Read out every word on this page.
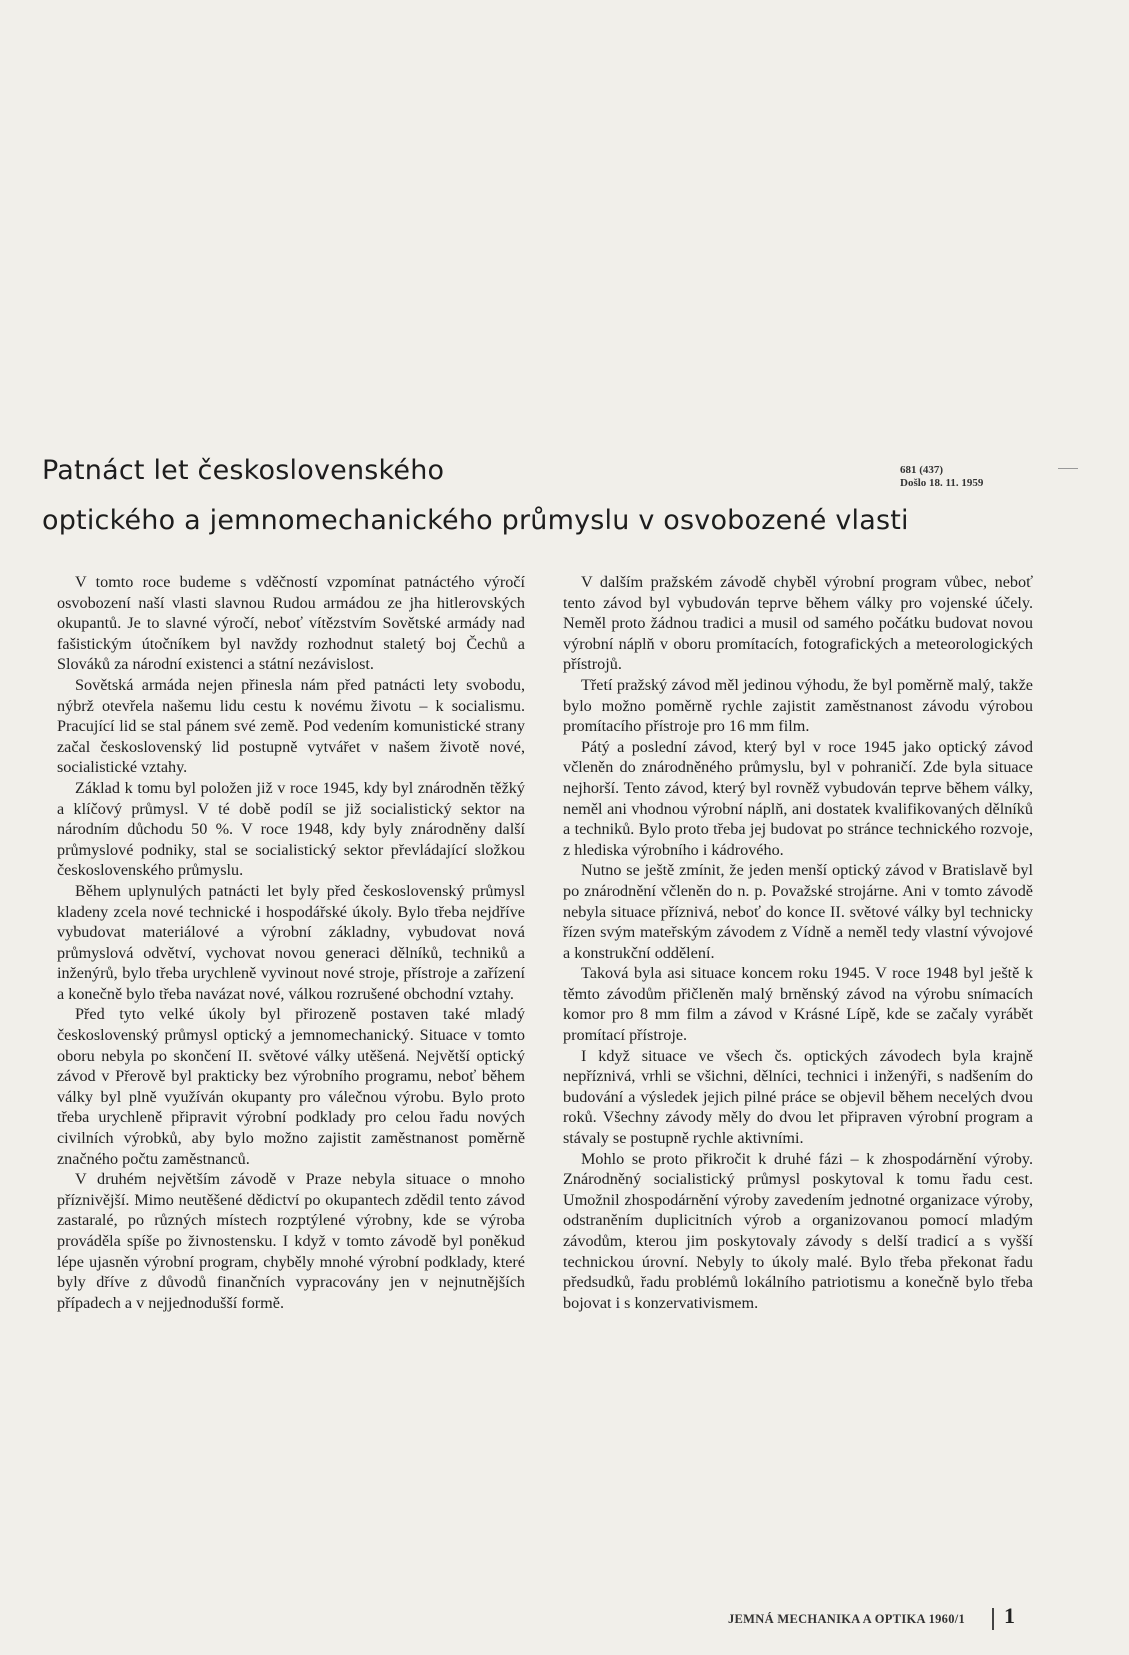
Patnáct let československého
optického a jemnomechanického průmyslu v osvobozené vlasti
681 (437)
Došlo 18. 11. 1959

V tomto roce budeme s vděčností vzpomínat patnáctého výročí osvobození naší vlasti slavnou Rudou armádou ze jha hitlerovských okupantů. Je to slavné výročí, neboť vítězstvím Sovětské armády nad fašistickým útočníkem byl navždy rozhodnut staletý boj Čechů a Slováků za národní existenci a státní nezávislost.

Sovětská armáda nejen přinesla nám před patnácti lety svobodu, nýbrž otevřela našemu lidu cestu k novému životu – k socialismu. Pracující lid se stal pánem své země. Pod vedením komunistické strany začal československý lid postupně vytvářet v našem životě nové, socialistické vztahy.

Základ k tomu byl položen již v roce 1945, kdy byl znárodněn těžký a klíčový průmysl. V té době podíl se již socialistický sektor na národním důchodu 50 %. V roce 1948, kdy byly znárodněny další průmyslové podniky, stal se socialistický sektor převládající složkou československého průmyslu.

Během uplynulých patnácti let byly před československý průmysl kladeny zcela nové technické i hospodářské úkoly. Bylo třeba nejdříve vybudovat materiálové a výrobní základny, vybudovat nová průmyslová odvětví, vychovat novou generaci dělníků, techniků a inženýrů, bylo třeba urychleně vyvinout nové stroje, přístroje a zařízení a konečně bylo třeba navázat nové, válkou rozrušené obchodní vztahy.

Před tyto velké úkoly byl přirozeně postaven také mladý československý průmysl optický a jemnomechanický. Situace v tomto oboru nebyla po skončení II. světové války utěšená. Největší optický závod v Přerově byl prakticky bez výrobního programu, neboť během války byl plně využíván okupanty pro válečnou výrobu. Bylo proto třeba urychleně připravit výrobní podklady pro celou řadu nových civilních výrobků, aby bylo možno zajistit zaměstnanost poměrně značného počtu zaměstnanců.

V druhém největším závodě v Praze nebyla situace o mnoho příznivější. Mimo neutěšené dědictví po okupantech zdědil tento závod zastaralé, po různých místech rozptýlené výrobny, kde se výroba prováděla spíše po živnostensku. I když v tomto závodě byl poněkud lépe ujasněn výrobní program, chyběly mnohé výrobní podklady, které byly dříve z důvodů finančních vypracovány jen v nejnutnějších případech a v nejjednodušší formě.

V dalším pražském závodě chyběl výrobní program vůbec, neboť tento závod byl vybudován teprve během války pro vojenské účely. Neměl proto žádnou tradici a musil od samého počátku budovat novou výrobní náplň v oboru promítacích, fotografických a meteorologických přístrojů.

Třetí pražský závod měl jedinou výhodu, že byl poměrně malý, takže bylo možno poměrně rychle zajistit zaměstnanost závodu výrobou promítacího přístroje pro 16 mm film.

Pátý a poslední závod, který byl v roce 1945 jako optický závod včleněn do znárodněného průmyslu, byl v pohraničí. Zde byla situace nejhorší. Tento závod, který byl rovněž vybudován teprve během války, neměl ani vhodnou výrobní náplň, ani dostatek kvalifikovaných dělníků a techniků. Bylo proto třeba jej budovat po stránce technického rozvoje, z hlediska výrobního i kádrového.

Nutno se ještě zmínit, že jeden menší optický závod v Bratislavě byl po znárodnění včleněn do n. p. Považské strojárne. Ani v tomto závodě nebyla situace příznivá, neboť do konce II. světové války byl technicky řízen svým mateřským závodem z Vídně a neměl tedy vlastní vývojové a konstrukční oddělení.

Taková byla asi situace koncem roku 1945. V roce 1948 byl ještě k těmto závodům přičleněn malý brněnský závod na výrobu snímacích komor pro 8 mm film a závod v Krásné Lípě, kde se začaly vyrábět promítací přístroje.

I když situace ve všech čs. optických závodech byla krajně nepříznivá, vrhli se všichni, dělníci, technici i inženýři, s nadšením do budování a výsledek jejich pilné práce se objevil během necelých dvou roků. Všechny závody měly do dvou let připraven výrobní program a stávaly se postupně rychle aktivními.

Mohlo se proto přikročit k druhé fázi – k zhospodárnění výroby. Znárodněný socialistický průmysl poskytoval k tomu řadu cest. Umožnil zhospodárnění výroby zavedením jednotné organizace výroby, odstraněním duplicitních výrob a organizovanou pomocí mladým závodům, kterou jim poskytovaly závody s delší tradicí a s vyšší technickou úrovní. Nebyly to úkoly malé. Bylo třeba překonat řadu předsudků, řadu problémů lokálního patriotismu a konečně bylo třeba bojovat i s konzervativismem.

JEMNÁ MECHANIKA A OPTIKA 1960/1 1
